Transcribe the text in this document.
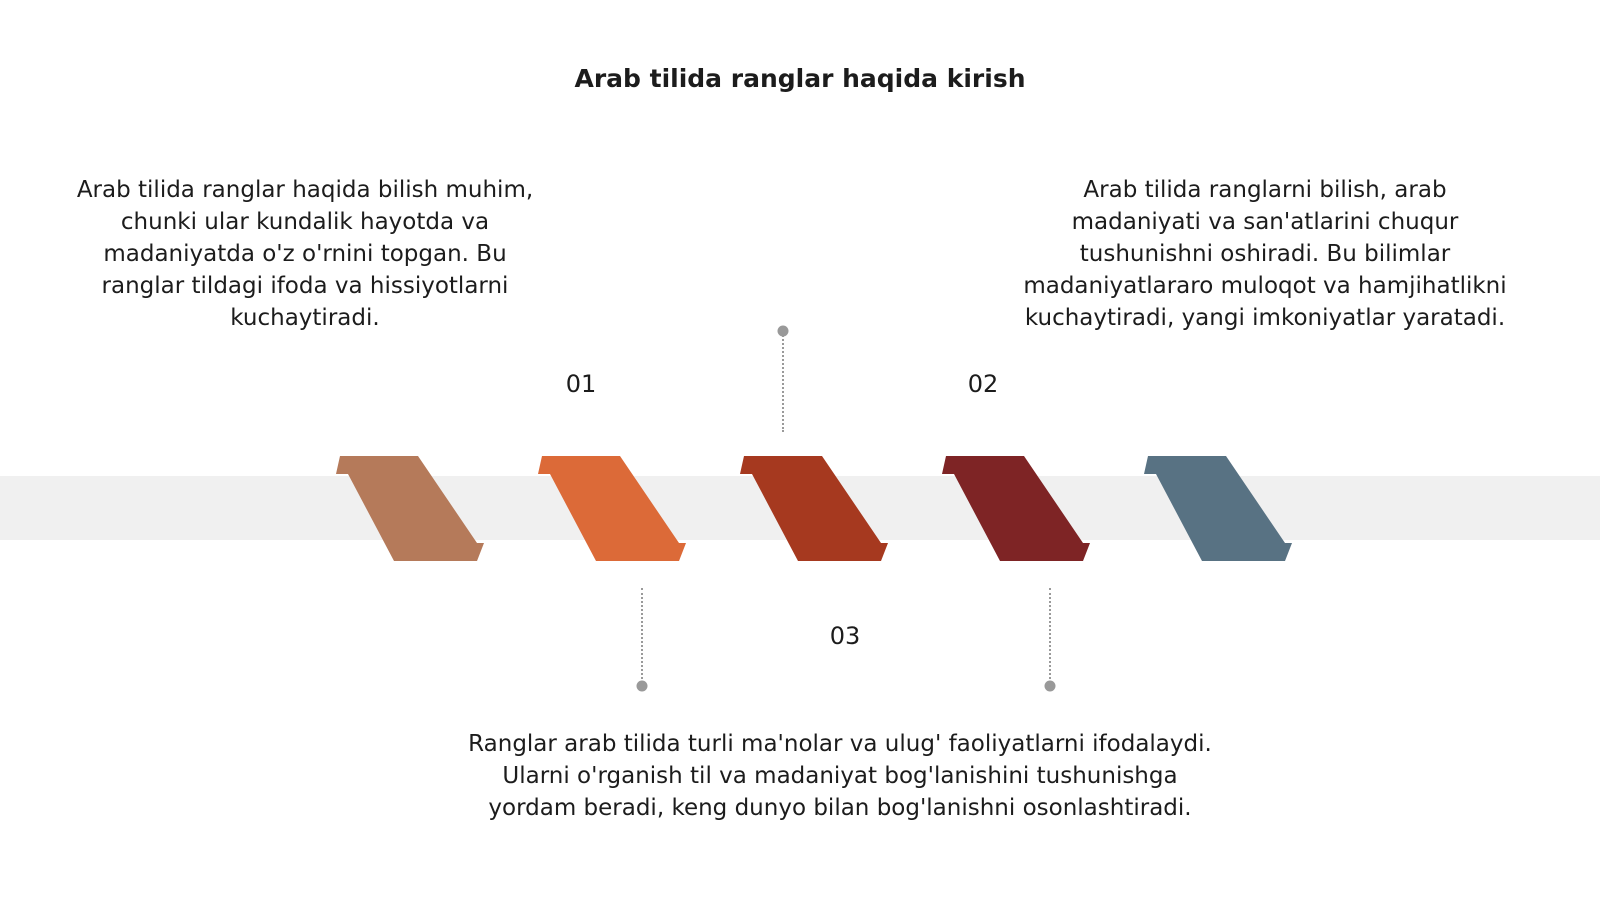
Arab tilida ranglar haqida kirish
Arab tilida ranglar haqida bilish muhim, chunki ular kundalik hayotda va madaniyatda o'z o'rnini topgan. Bu ranglar tildagi ifoda va hissiyotlarni kuchaytiradi.
Arab tilida ranglarni bilish, arab madaniyati va san'atlarini chuqur tushunishni oshiradi. Bu bilimlar madaniyatlararo muloqot va hamjihatlikni kuchaytiradi, yangi imkoniyatlar yaratadi.
01	02
03
Ranglar arab tilida turli ma'nolar va ulug' faoliyatlarni ifodalaydi. Ularni o'rganish til va madaniyat bog'lanishini tushunishga yordam beradi, keng dunyo bilan bog'lanishni osonlashtiradi.
